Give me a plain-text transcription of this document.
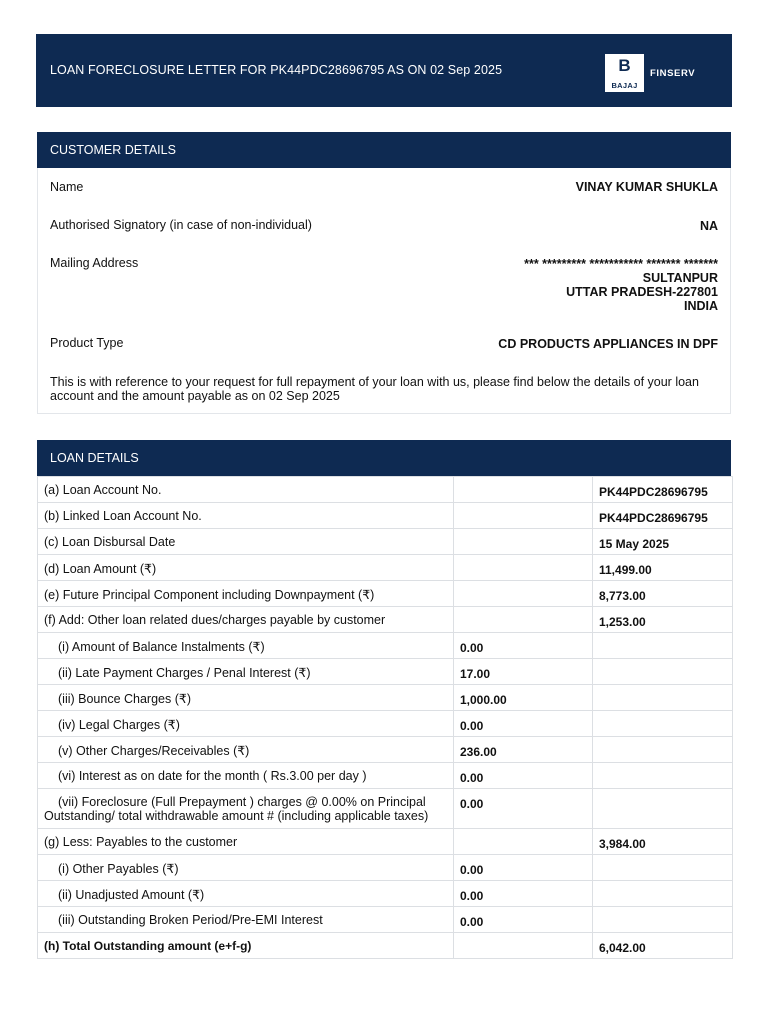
LOAN FORECLOSURE LETTER FOR PK44PDC28696795 AS ON 02 Sep 2025	B
BAJAJ
FINSERV
CUSTOMER DETAILS
Name	VINAY KUMAR SHUKLA
Authorised Signatory (in case of non-individual)	NA
Mailing Address	*** ********* *********** ******* *******
SULTANPUR
UTTAR PRADESH-227801
INDIA
Product Type	CD PRODUCTS APPLIANCES IN DPF
This is with reference to your request for full repayment of your loan with us, please find below the details of your loan account and the amount payable as on 02 Sep 2025
LOAN DETAILS
(a) Loan Account No.		PK44PDC28696795
(b) Linked Loan Account No.		PK44PDC28696795
(c) Loan Disbursal Date		15 May 2025
(d) Loan Amount (₹)		11,499.00
(e) Future Principal Component including Downpayment (₹)		8,773.00
(f) Add: Other loan related dues/charges payable by customer		1,253.00
(i) Amount of Balance Instalments (₹)	0.00	
(ii) Late Payment Charges / Penal Interest (₹)	17.00	
(iii) Bounce Charges (₹)	1,000.00	
(iv) Legal Charges (₹)	0.00	
(v) Other Charges/Receivables (₹)	236.00	
(vi) Interest as on date for the month ( Rs.3.00 per day )	0.00	
(vii) Foreclosure (Full Prepayment ) charges @ 0.00% on Principal Outstanding/ total withdrawable amount # (including applicable taxes)	0.00	
(g) Less: Payables to the customer		3,984.00
(i) Other Payables (₹)	0.00	
(ii) Unadjusted Amount (₹)	0.00	
(iii) Outstanding Broken Period/Pre-EMI Interest	0.00	
(h) Total Outstanding amount (e+f-g)		6,042.00
